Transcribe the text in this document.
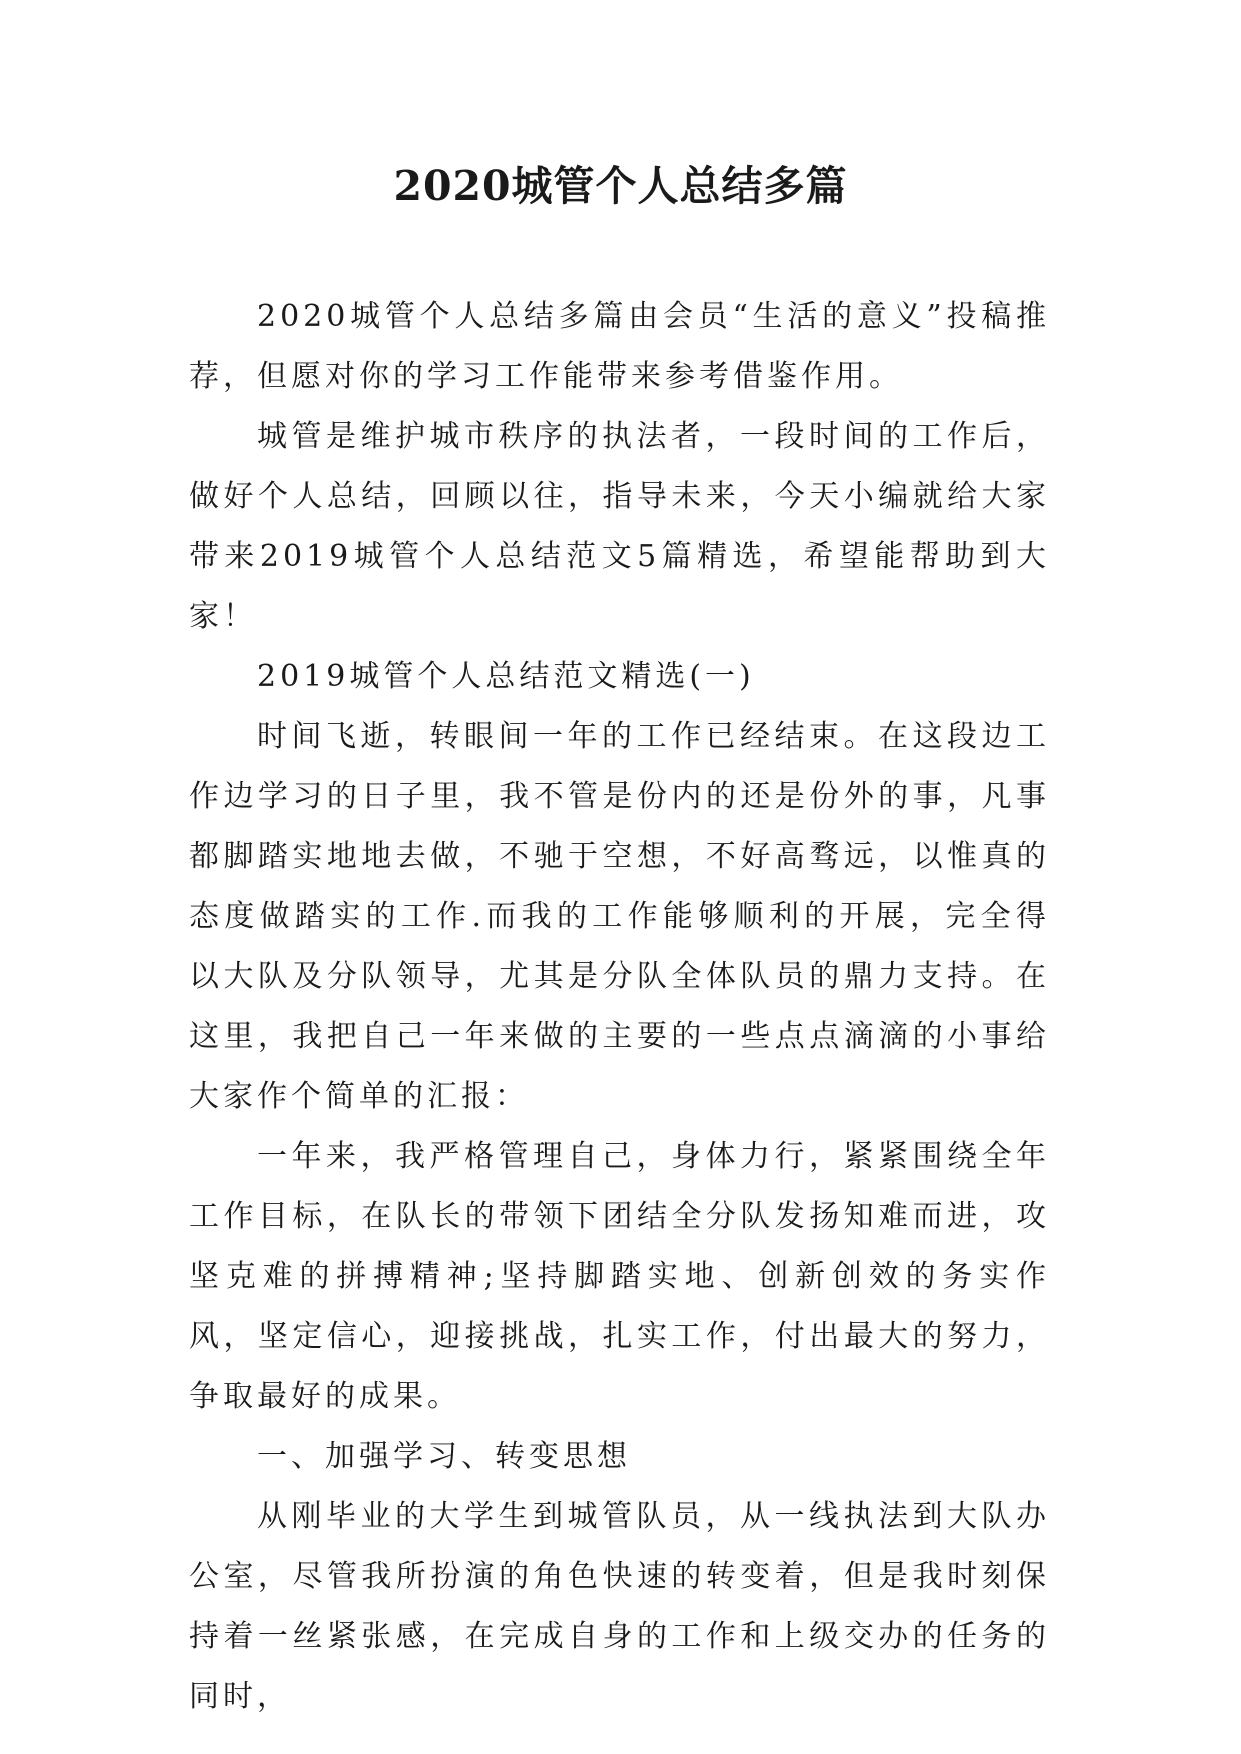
2020城管个人总结多篇

2020城管个人总结多篇由会员“生活的意义”投稿推荐，但愿对你的学习工作能带来参考借鉴作用。

城管是维护城市秩序的执法者，一段时间的工作后，做好个人总结，回顾以往，指导未来，今天小编就给大家带来2019城管个人总结范文5篇精选，希望能帮助到大家！

2019城管个人总结范文精选(一)

时间飞逝，转眼间一年的工作已经结束。在这段边工作边学习的日子里，我不管是份内的还是份外的事，凡事都脚踏实地地去做，不驰于空想，不好高骛远，以惟真的态度做踏实的工作.而我的工作能够顺利的开展，完全得以大队及分队领导，尤其是分队全体队员的鼎力支持。在这里，我把自己一年来做的主要的一些点点滴滴的小事给大家作个简单的汇报：

一年来，我严格管理自己，身体力行，紧紧围绕全年工作目标，在队长的带领下团结全分队发扬知难而进，攻坚克难的拼搏精神;坚持脚踏实地、创新创效的务实作风，坚定信心，迎接挑战，扎实工作，付出最大的努力，争取最好的成果。

一、加强学习、转变思想

从刚毕业的大学生到城管队员，从一线执法到大队办公室，尽管我所扮演的角色快速的转变着，但是我时刻保持着一丝紧张感，在完成自身的工作和上级交办的任务的同时，
